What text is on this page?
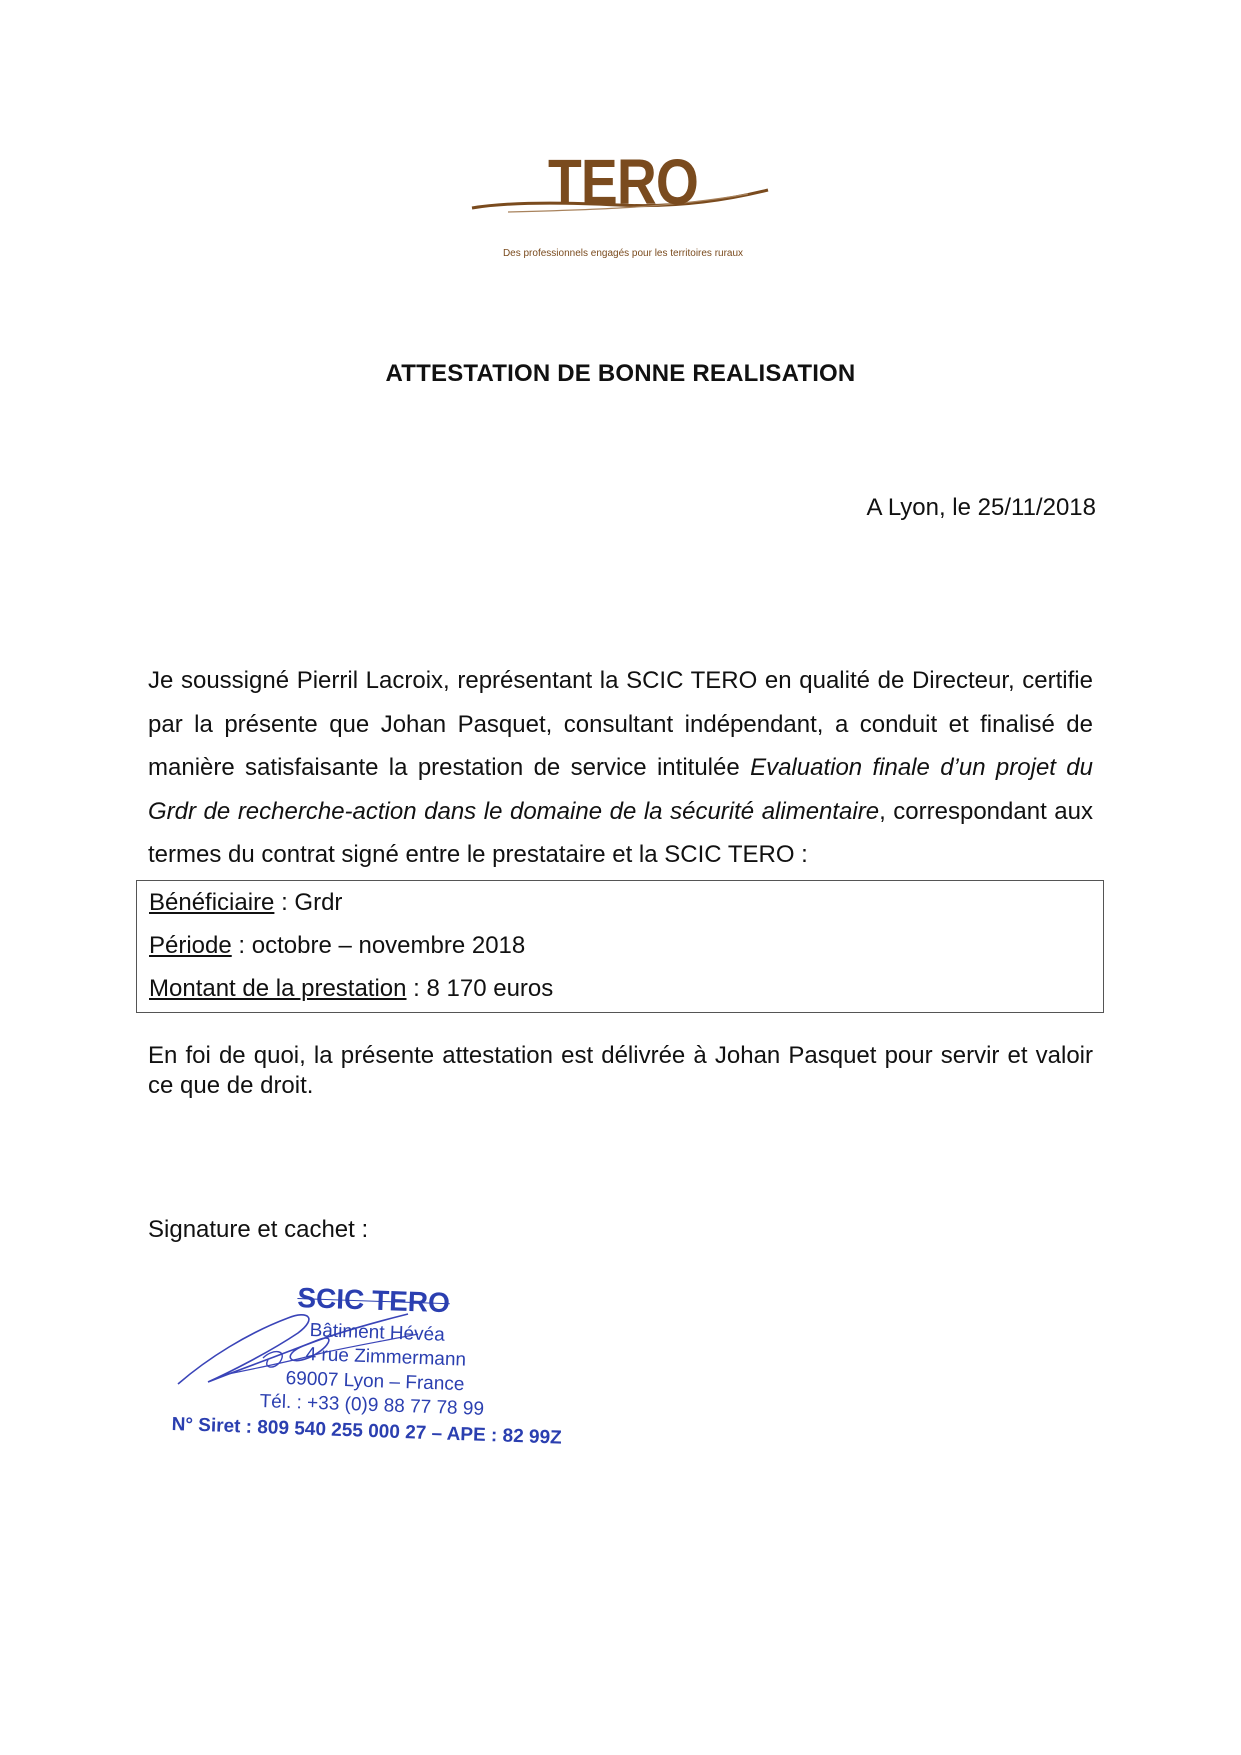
TERO
Des professionnels engagés pour les territoires ruraux
ATTESTATION DE BONNE REALISATION
A Lyon, le 25/11/2018
Je soussigné Pierril Lacroix, représentant la SCIC TERO en qualité de Directeur, certifie par la présente que Johan Pasquet, consultant indépendant, a conduit et finalisé de manière satisfaisante la prestation de service intitulée Evaluation finale d’un projet du Grdr de recherche-action dans le domaine de la sécurité alimentaire, correspondant aux termes du contrat signé entre le prestataire et la SCIC TERO :
Bénéficiaire : Grdr
Période : octobre – novembre 2018
Montant de la prestation : 8 170 euros
En foi de quoi, la présente attestation est délivrée à Johan Pasquet pour servir et valoir ce que de droit.
Signature et cachet :
SCIC TERO
Bâtiment Hévéa
4 rue Zimmermann
69007 Lyon – France
Tél. : +33 (0)9 88 77 78 99
N° Siret : 809 540 255 000 27 – APE : 82 99Z
